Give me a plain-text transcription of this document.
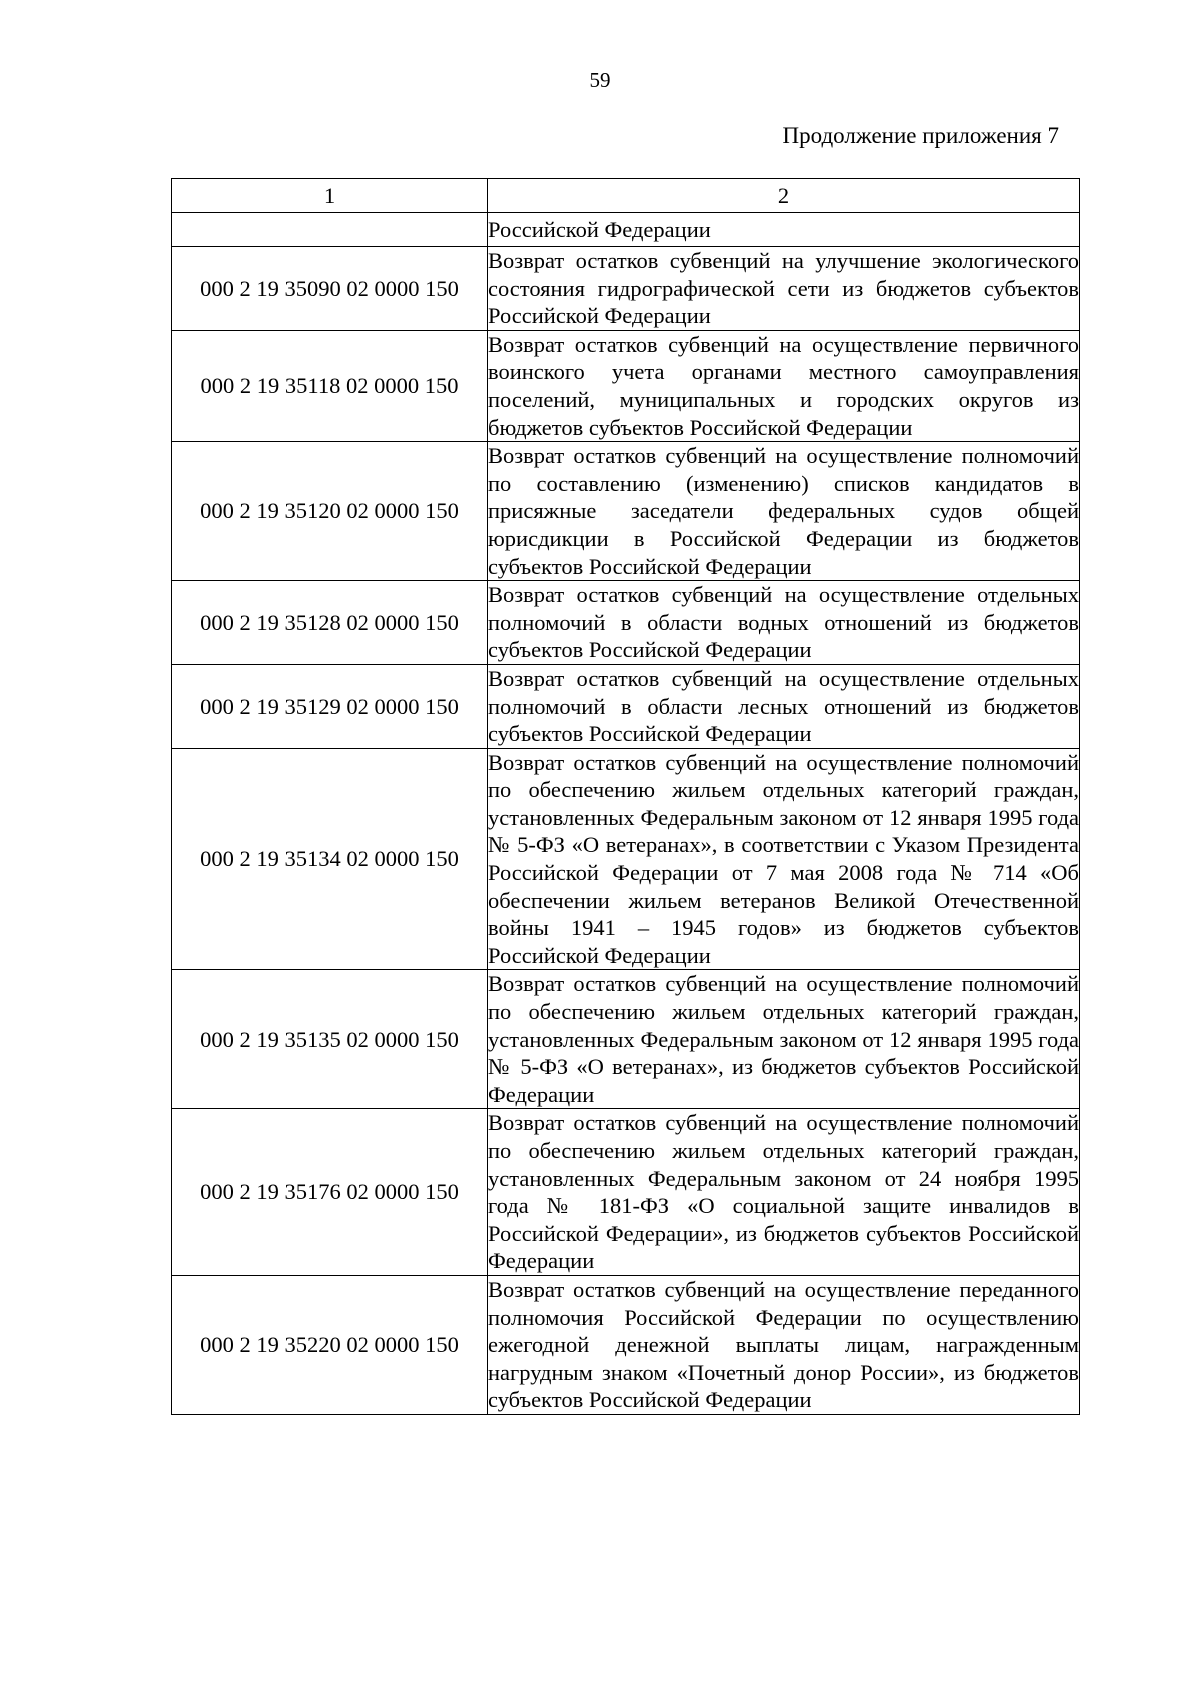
59
Продолжение приложения 7
1	2
	Российской Федерации
000 2 19 35090 02 0000 150	Возврат остатков субвенций на улучшение экологического состояния гидрографической сети из бюджетов субъектов Российской Федерации
000 2 19 35118 02 0000 150	Возврат остатков субвенций на осуществление первичного воинского учета органами местного самоуправления поселений, муниципальных и городских округов из бюджетов субъектов Российской Федерации
000 2 19 35120 02 0000 150	Возврат остатков субвенций на осуществление полномочий по составлению (изменению) списков кандидатов в присяжные заседатели федеральных судов общей юрисдикции в Российской Федерации из бюджетов субъектов Российской Федерации
000 2 19 35128 02 0000 150	Возврат остатков субвенций на осуществление отдельных полномочий в области водных отношений из бюджетов субъектов Российской Федерации
000 2 19 35129 02 0000 150	Возврат остатков субвенций на осуществление отдельных полномочий в области лесных отношений из бюджетов субъектов Российской Федерации
000 2 19 35134 02 0000 150	Возврат остатков субвенций на осуществление полномочий по обеспечению жильем отдельных категорий граждан, установленных Федеральным законом от 12 января 1995 года № 5-ФЗ «О ветеранах», в соответствии с Указом Президента Российской Федерации от 7 мая 2008 года № 714 «Об обеспечении жильем ветеранов Великой Отечественной войны 1941 – 1945 годов» из бюджетов субъектов Российской Федерации
000 2 19 35135 02 0000 150	Возврат остатков субвенций на осуществление полномочий по обеспечению жильем отдельных категорий граждан, установленных Федеральным законом от 12 января 1995 года № 5-ФЗ «О ветеранах», из бюджетов субъектов Российской Федерации
000 2 19 35176 02 0000 150	Возврат остатков субвенций на осуществление полномочий по обеспечению жильем отдельных категорий граждан, установленных Федеральным законом от 24 ноября 1995 года № 181-ФЗ «О социальной защите инвалидов в Российской Федерации», из бюджетов субъектов Российской Федерации
000 2 19 35220 02 0000 150	Возврат остатков субвенций на осуществление переданного полномочия Российской Федерации по осуществлению ежегодной денежной выплаты лицам, награжденным нагрудным знаком «Почетный донор России», из бюджетов субъектов Российской Федерации
